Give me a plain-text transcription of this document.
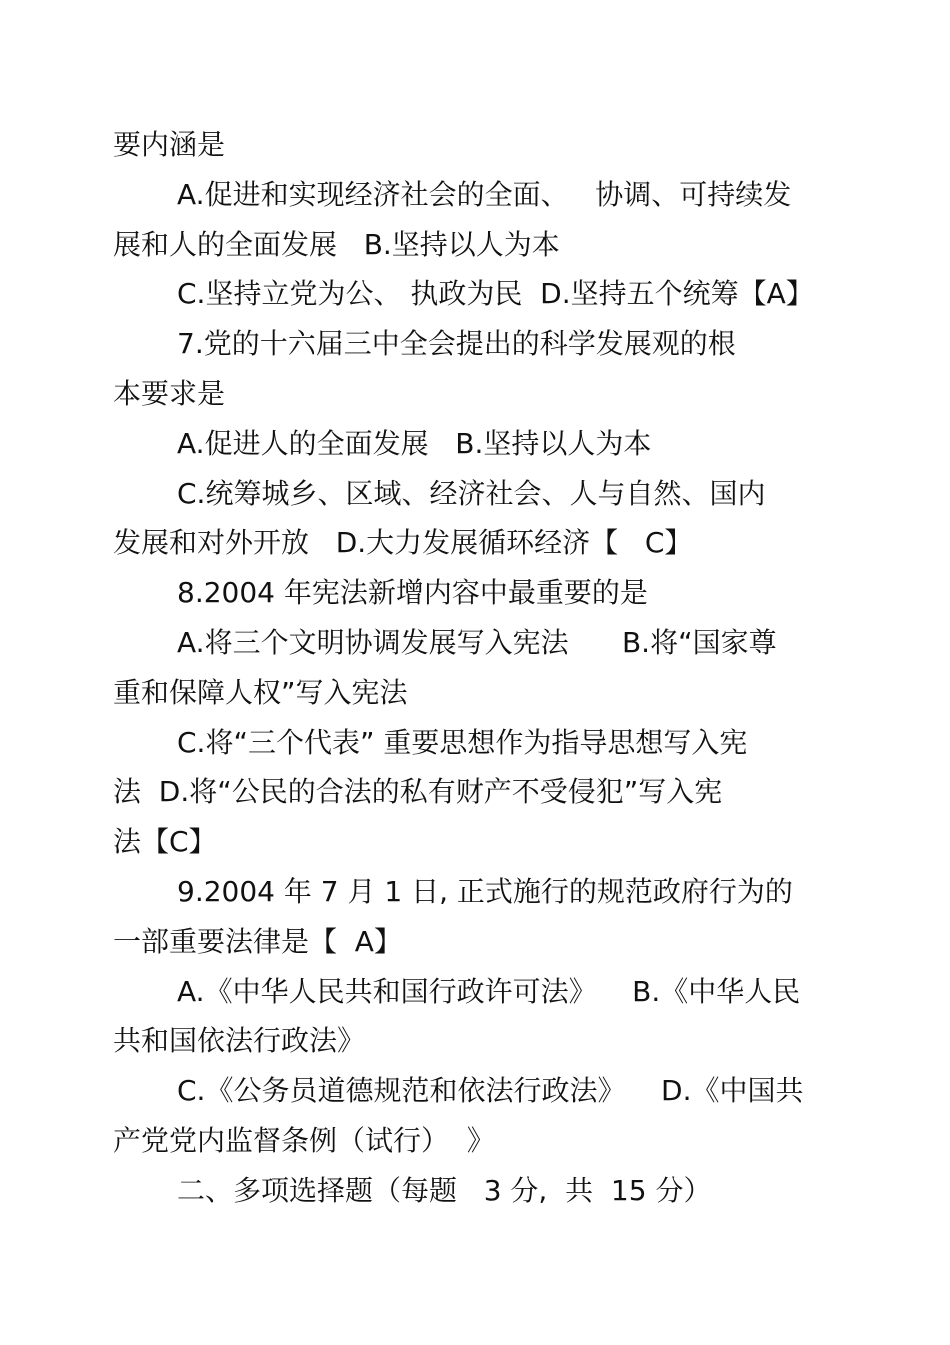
要内涵是
A.促进和实现经济社会的全面、   协调、可持续发
展和人的全面发展   B.坚持以人为本
C.坚持立党为公、 执政为民  D.坚持五个统筹【A】
7.党的十六届三中全会提出的科学发展观的根
本要求是
A.促进人的全面发展   B.坚持以人为本
C.统筹城乡、区域、经济社会、人与自然、国内
发展和对外开放   D.大力发展循环经济【   C】
8.2004 年宪法新增内容中最重要的是
A.将三个文明协调发展写入宪法      B.将“国家尊
重和保障人权”写入宪法
C.将“三个代表” 重要思想作为指导思想写入宪
法  D.将“公民的合法的私有财产不受侵犯”写入宪
法【C】
9.2004 年 7 月 1 日, 正式施行的规范政府行为的
一部重要法律是【  A】
A.《中华人民共和国行政许可法》    B.《中华人民
共和国依法行政法》
C.《公务员道德规范和依法行政法》    D.《中国共
产党党内监督条例（试行）  》
二、多项选择题（每题   3 分,  共  15 分）
